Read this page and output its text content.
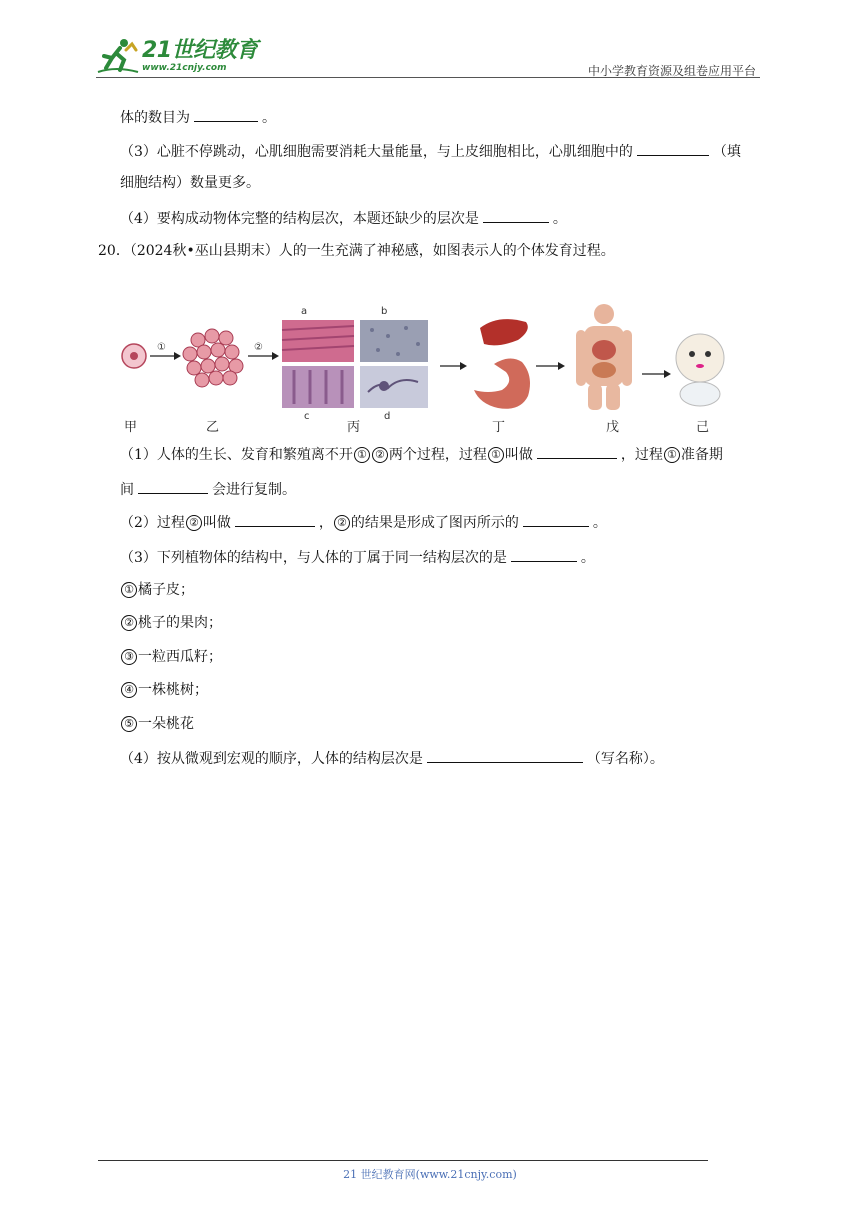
21世纪教育
www.21cnjy.com	中小学教育资源及组卷应用平台
体的数目为	。
（3）心脏不停跳动，心肌细胞需要消耗大量能量，与上皮细胞相比，心肌细胞中的	（填
细胞结构）数量更多。
（4）要构成动物体完整的结构层次，本题还缺少的层次是	。
20．（2024秋•巫山县期末）人的一生充满了神秘感，如图表示人的个体发育过程。
甲	乙	丙	丁	戊	己
①	②
a	b
c	d
（1）人体的生长、发育和繁殖离不开 ① ② 两个过程，过程 ① 叫做	，过程 ① 准备期
间	会进行复制。
（2）过程 ② 叫做	， ② 的结果是形成了图丙所示的	。
（3）下列植物体的结构中，与人体的丁属于同一结构层次的是	。
① 橘子皮；
② 桃子的果肉；
③ 一粒西瓜籽；
④ 一株桃树；
⑤ 一朵桃花
（4）按从微观到宏观的顺序，人体的结构层次是	（写名称）。
21 世纪教育网(www.21cnjy.com)
